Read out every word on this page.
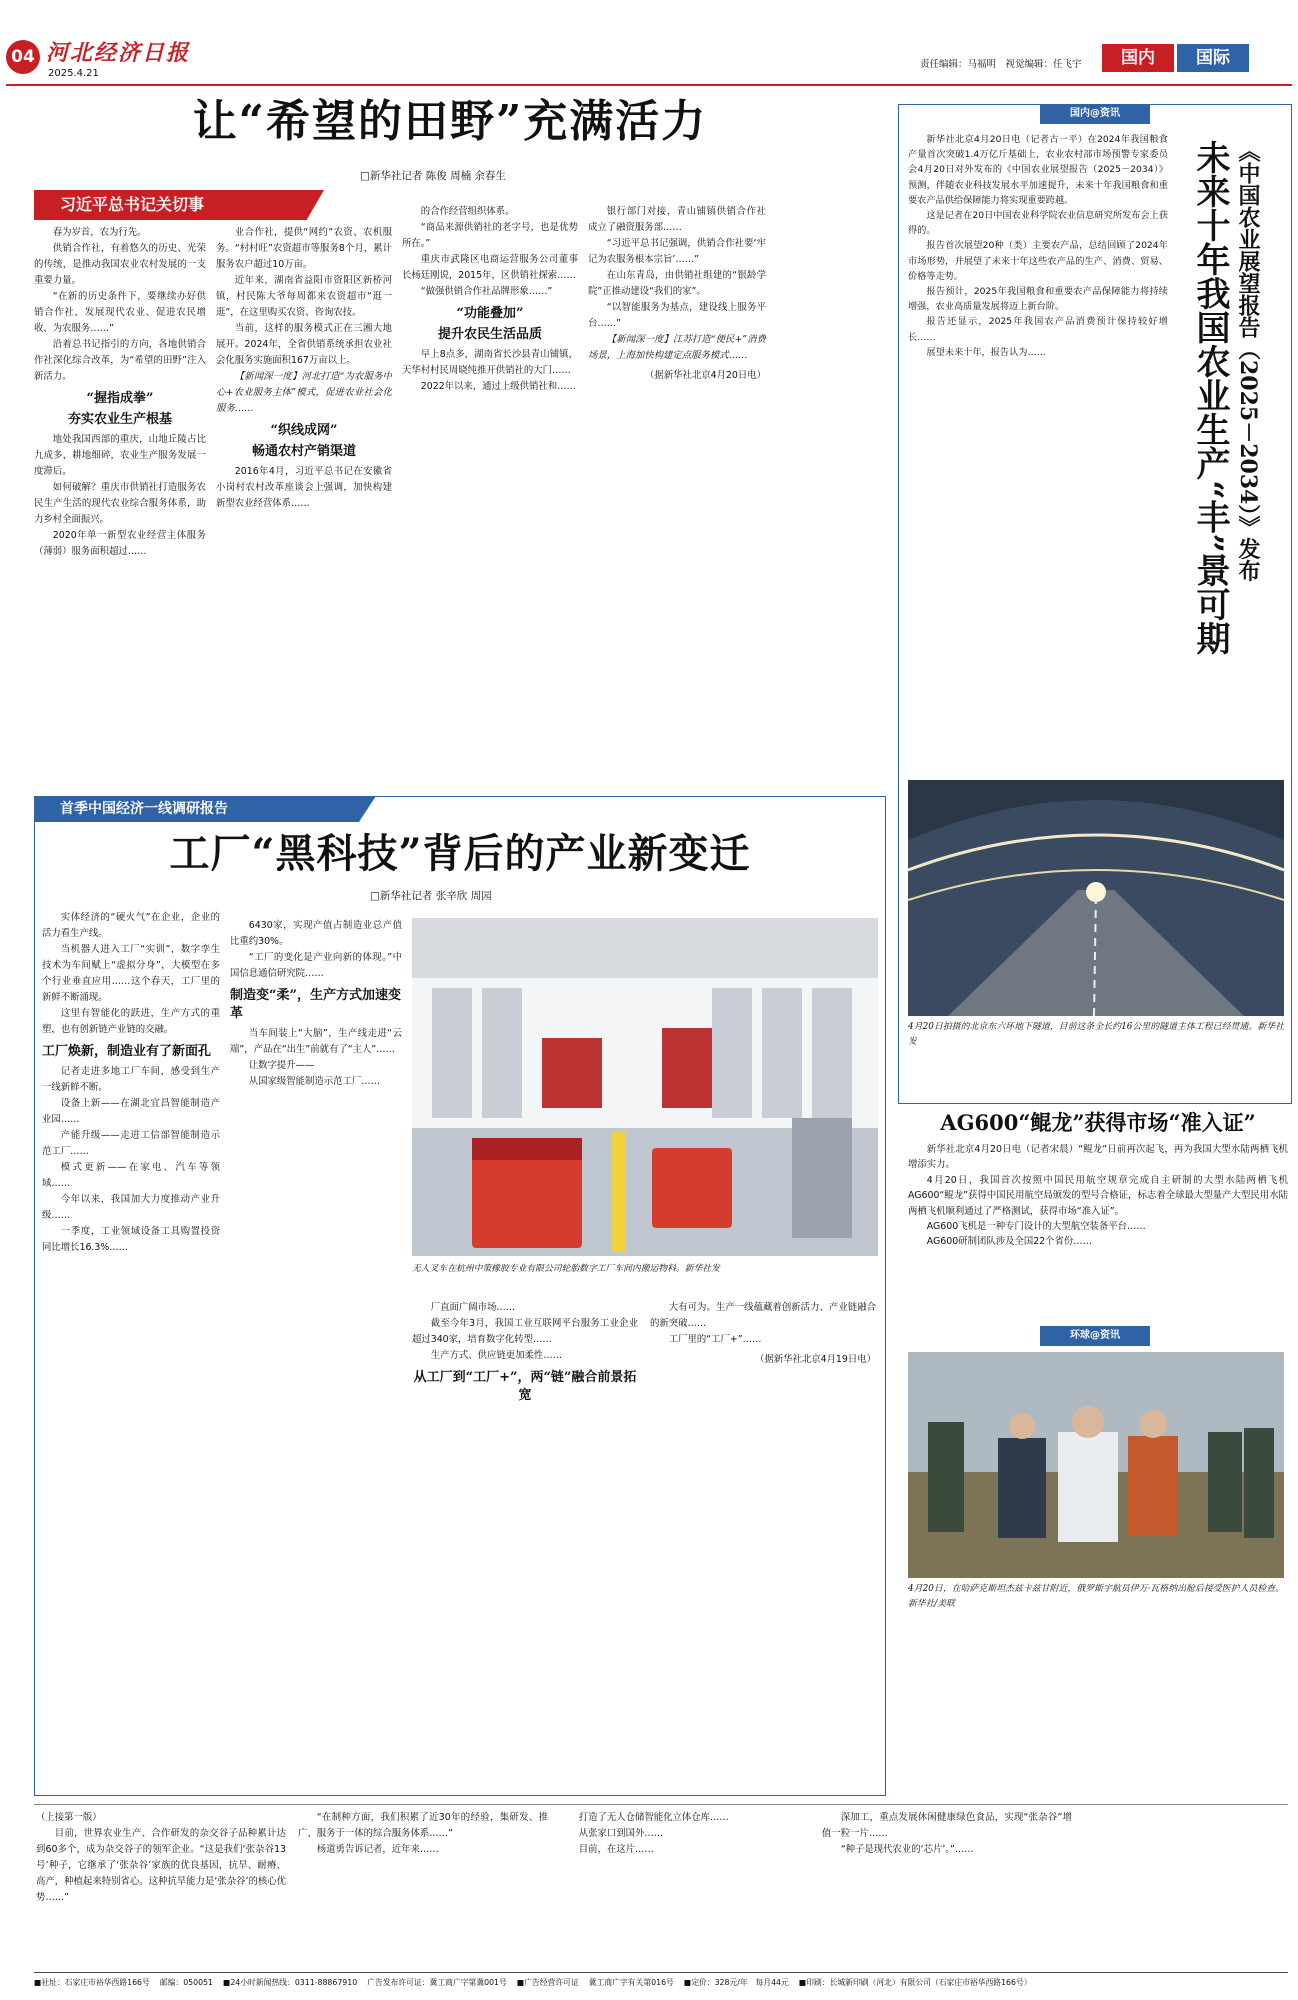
04 河北经济日报
2025.4.21
责任编辑：马福明　视觉编辑：任飞宇	国内	国际
让“希望的田野”充满活力
□新华社记者 陈俊 周楠 余春生
习近平总书记关切事

春为岁首，农为行先。

供销合作社，有着悠久的历史、光荣的传统，是推动我国农业农村发展的一支重要力量。

“在新的历史条件下，要继续办好供销合作社，发展现代农业、促进农民增收、为农服务……”

沿着总书记指引的方向，各地供销合作社深化综合改革，为“希望的田野”注入新活力。

“握指成拳”
夯实农业生产根基

地处我国西部的重庆，山地丘陵占比九成多，耕地细碎，农业生产服务发展一度滞后。

如何破解？重庆市供销社打造服务农民生产生活的现代农业综合服务体系，助力乡村全面振兴。

2020年单一新型农业经营主体服务（薄弱）服务面积超过……

业合作社，提供“网约”农资、农机服务。“村村旺”农资超市等服务8个月，累计服务农户超过10万亩。

近年来，湖南省益阳市资阳区新桥河镇，村民陈大爷每周都来农资超市“逛一逛”，在这里购买农资、咨询农技。

当前，这样的服务模式正在三湘大地展开。2024年，全省供销系统承担农业社会化服务实施面积167万亩以上。

【新闻深一度】河北打造“为农服务中心+农业服务主体”模式，促进农业社会化服务……

“织线成网”
畅通农村产销渠道

2016年4月，习近平总书记在安徽省小岗村农村改革座谈会上强调，加快构建新型农业经营体系……

的合作经营组织体系。

“商品来源供销社的老字号，也是优势所在。”

重庆市武隆区电商运营服务公司董事长杨廷刚说，2015年，区供销社探索……

“做强供销合作社品牌形象……”

“功能叠加”
提升农民生活品质

早上8点多，湖南省长沙县青山铺镇，天华村村民周晓纯推开供销社的大门……

2022年以来，通过上级供销社和……

银行部门对接，青山铺镇供销合作社成立了融资服务部……

“习近平总书记强调，供销合作社要‘牢记为农服务根本宗旨’……”

在山东青岛，由供销社组建的“银龄学院”正推动建设“我们的家”。

“以智能服务为基点，建设线上服务平台……”

【新闻深一度】江苏打造“便民+”消费场景，上海加快构建定点服务模式……

（据新华社北京4月20日电）
首季中国经济一线调研报告
工厂“黑科技”背后的产业新变迁
□新华社记者 张辛欣 周园

实体经济的“硬火气”在企业，企业的活力看生产线。

当机器人进入工厂“实训”，数字孪生技术为车间赋上“虚拟分身”，大模型在多个行业垂直应用……这个春天，工厂里的新鲜不断涌现。

这里有智能化的跃进，生产方式的重塑，也有创新链产业链的交融。

工厂焕新，制造业有了新面孔

记者走进多地工厂车间，感受到生产一线新鲜不断。

设备上新——在湖北宜昌智能制造产业园……

产能升级——走进工信部智能制造示范工厂……

模式更新——在家电、汽车等领域……

今年以来，我国加大力度推动产业升级……

一季度，工业领域设备工具购置投资同比增长16.3%……

6430家，实现产值占制造业总产值比重约30%。

“工厂的变化是产业向新的体现。”中国信息通信研究院……

制造变“柔”，生产方式加速变革

当车间装上“大脑”，生产线走进“云端”，产品在“出生”前就有了“主人”……

让数字提升——

从国家级智能制造示范工厂……

无人叉车在杭州中策橡胶专业有限公司轮胎数字工厂车间内搬运物料。新华社发

厂直面广阔市场……

截至今年3月，我国工业互联网平台服务工业企业超过340家，培育数字化转型……

生产方式、供应链更加柔性……

从工厂到“工厂+”，两“链”融合前景拓宽

大有可为。生产一线蕴藏着创新活力、产业链融合的新突破……

工厂里的“工厂+”……

（据新华社北京4月19日电）
国内@资讯

新华社北京4月20日电（记者古一平）在2024年我国粮食产量首次突破1.4万亿斤基础上，农业农村部市场预警专家委员会4月20日对外发布的《中国农业展望报告（2025－2034）》预测，伴随农业科技发展水平加速提升，未来十年我国粮食和重要农产品供给保障能力将实现重要跨越。

这是记者在20日中国农业科学院农业信息研究所发布会上获得的。

报告首次展望20种（类）主要农产品，总结回顾了2024年市场形势，并展望了未来十年这些农产品的生产、消费、贸易、价格等走势。

报告预计，2025年我国粮食和重要农产品保障能力将持续增强，农业高质量发展将迈上新台阶。

报告还显示，2025年我国农产品消费预计保持较好增长……

展望未来十年，报告认为……	《中国农业展望报告（2025－2034）》发布
未来十年我国农业生产“丰”景可期
4月20日拍摄的北京东六环地下隧道，目前这条全长约16公里的隧道主体工程已经贯通。新华社发
AG600“鲲龙”获得市场“准入证”

新华社北京4月20日电（记者宋晨）“鲲龙”日前再次起飞，再为我国大型水陆两栖飞机增添实力。

4月20日，我国首次按照中国民用航空规章完成自主研制的大型水陆两栖飞机AG600“鲲龙”获得中国民用航空局颁发的型号合格证，标志着全球最大型量产大型民用水陆两栖飞机顺利通过了严格测试，获得市场“准入证”。

AG600飞机是一种专门设计的大型航空装备平台……

AG600研制团队涉及全国22个省份……

环球@资讯
4月20日，在哈萨克斯坦杰兹卡兹甘附近，俄罗斯宇航员伊万·瓦格纳出舱后接受医护人员检查。新华社/美联
（上接第一版）

目前，世界农业生产、合作研发的杂交谷子品种累计达到60多个，成为杂交谷子的领军企业。“这是我们‘张杂谷13号’种子，它继承了‘张杂谷’家族的优良基因，抗旱、耐瘠、高产，种植起来特别省心。这种抗旱能力是‘张杂谷’的核心优势……”

“在制种方面，我们积累了近30年的经验，集研发、推广、服务于一体的综合服务体系……”

杨道勇告诉记者，近年来……

打造了无人仓储智能化立体仓库……

从张家口到国外……

目前，在这片……

深加工，重点发展休闲健康绿色食品，实现“张杂谷”增值一粒一片……

“种子是现代农业的‘芯片’。”……

■社址：石家庄市裕华西路166号 邮编：050051 ■24小时新闻热线：0311-88867910 广告发布许可证：冀工商广字第冀001号 ■广告经营许可证 冀工商广字有关第016号 ■定价：328元/年　每月44元 ■印刷：长城新印刷（河北）有限公司（石家庄市裕华西路166号）
